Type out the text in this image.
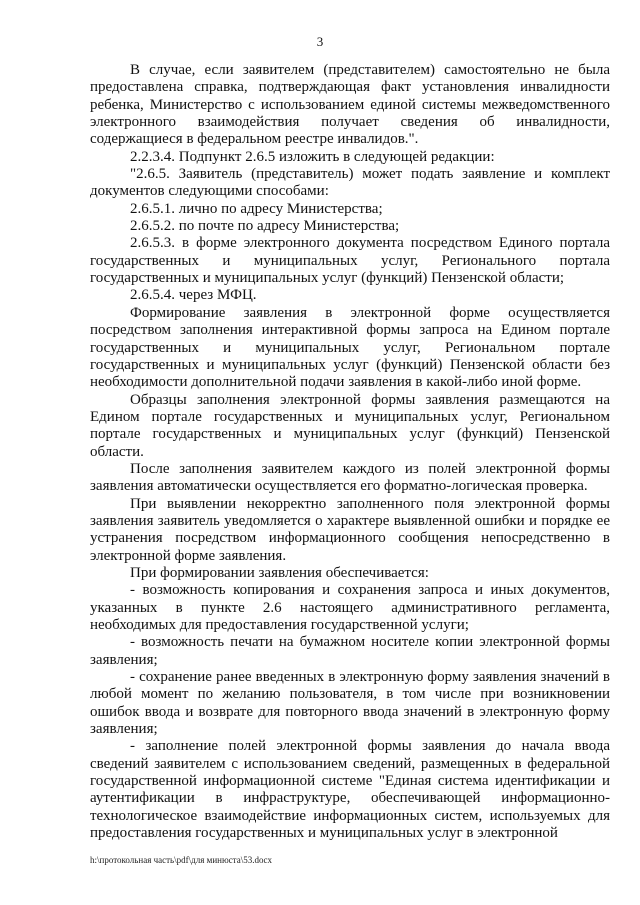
3

В случае, если заявителем (представителем) самостоятельно не была предоставлена справка, подтверждающая факт установления инвалидности ребенка, Министерство с использованием единой системы межведомственного электронного взаимодействия получает сведения об инвалидности, содержащиеся в федеральном реестре инвалидов.".

2.2.3.4. Подпункт 2.6.5 изложить в следующей редакции:

"2.6.5. Заявитель (представитель) может подать заявление и комплект документов следующими способами:

2.6.5.1. лично по адресу Министерства;

2.6.5.2. по почте по адресу Министерства;

2.6.5.3. в форме электронного документа посредством Единого портала государственных и муниципальных услуг, Регионального портала государственных и муниципальных услуг (функций) Пензенской области;

2.6.5.4. через МФЦ.

Формирование заявления в электронной форме осуществляется посредством заполнения интерактивной формы запроса на Едином портале государственных и муниципальных услуг, Региональном портале государственных и муниципальных услуг (функций) Пензенской области без необходимости дополнительной подачи заявления в какой-либо иной форме.

Образцы заполнения электронной формы заявления размещаются на Едином портале государственных и муниципальных услуг, Региональном портале государственных и муниципальных услуг (функций) Пензенской области.

После заполнения заявителем каждого из полей электронной формы заявления автоматически осуществляется его форматно-логическая проверка.

При выявлении некорректно заполненного поля электронной формы заявления заявитель уведомляется о характере выявленной ошибки и порядке ее устранения посредством информационного сообщения непосредственно в электронной форме заявления.

При формировании заявления обеспечивается:

- возможность копирования и сохранения запроса и иных документов, указанных в пункте 2.6 настоящего административного регламента, необходимых для предоставления государственной услуги;

- возможность печати на бумажном носителе копии электронной формы заявления;

- сохранение ранее введенных в электронную форму заявления значений в любой момент по желанию пользователя, в том числе при возникновении ошибок ввода и возврате для повторного ввода значений в электронную форму заявления;

- заполнение полей электронной формы заявления до начала ввода сведений заявителем с использованием сведений, размещенных в федеральной государственной информационной системе "Единая система идентификации и аутентификации в инфраструктуре, обеспечивающей информационно-технологическое взаимодействие информационных систем, используемых для предоставления государственных и муниципальных услуг в электронной

h:\протокольная часть\pdf\для минюста\53.docx
